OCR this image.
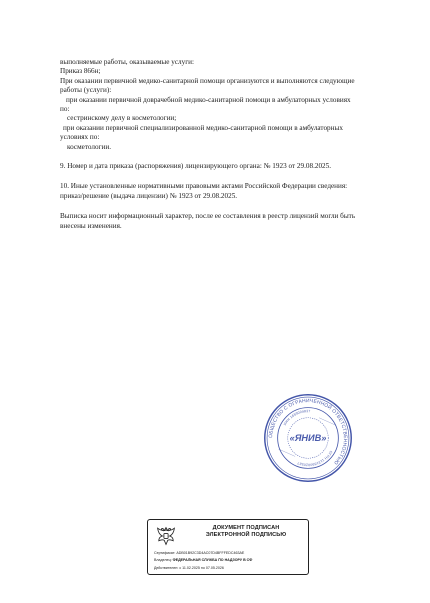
выполняемые работы, оказываемые услуги:
Приказ 866н;
При оказании первичной медико-санитарной помощи организуются и выполняются следующие
работы (услуги):
при оказании первичной доврачебной медико-санитарной помощи в амбулаторных условиях
по:
сестринскому делу в косметологии;
при оказании первичной специализированной медико-санитарной помощи в амбулаторных
условиях по:
косметологии.
9. Номер и дата приказа (распоряжения) лицензирующего органа: № 1923 от 29.08.2025.
10. Иные установленные нормативными правовыми актами Российской Федерации сведения:
приказ/решение (выдача лицензии) № 1923 от 29.08.2025.
Выписка носит информационный характер, после ее составления в реестр лицензий могли быть
внесены изменения.
ОБЩЕСТВО С ОГРАНИЧЕННОЙ ОТВЕТСТВЕННОСТЬЮ
ИНН 1659004837
ОГРН 1131690020587
«ЯНИВ»
ДОКУМЕНТ ПОДПИСАН
ЭЛЕКТРОННОЙ ПОДПИСЬЮ
Сертификат: ADB01B92C3D4AC07D4BFFFEDC463AE
Владелец: ФЕДЕРАЛЬНАЯ СЛУЖБА ПО НАДЗОРУ В СФ
Действителен: с 11.02.2025 по 07.05.2026
